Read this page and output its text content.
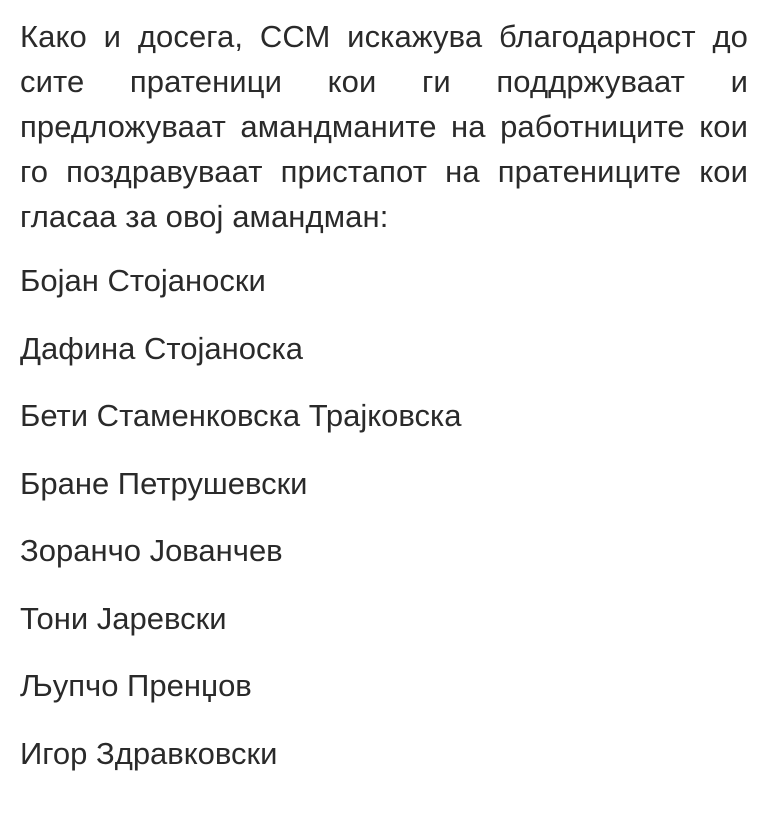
Како и досега, ССМ искажува благодарност до сите пратеници кои ги поддржуваат и предложуваат амандманите на работниците кои го поздравуваат пристапот на пратениците кои гласаа за овој амандман:

Бојан Стојаноски
Дафина Стојаноска
Бети Стаменковска Трајковска
Бране Петрушевски
Зоранчо Јованчев
Тони Јаревски
Љупчо Пренџов
Игор Здравковски
